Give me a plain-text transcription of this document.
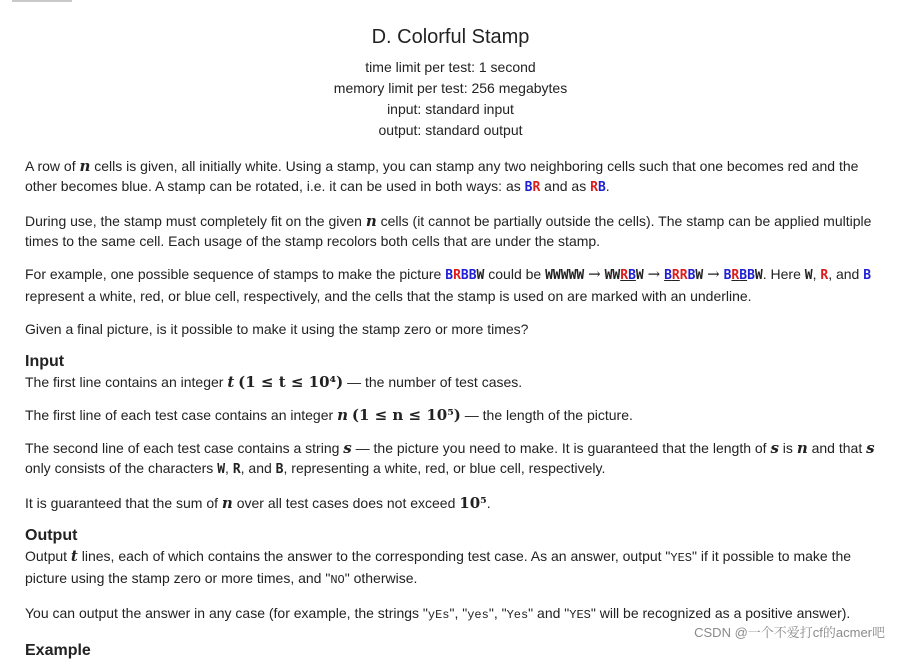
D. Colorful Stamp
time limit per test: 1 second
memory limit per test: 256 megabytes
input: standard input
output: standard output

A row of n cells is given, all initially white. Using a stamp, you can stamp any two neighboring cells such that one becomes red and the other becomes blue. A stamp can be rotated, i.e. it can be used in both ways: as BR and as RB.

During use, the stamp must completely fit on the given n cells (it cannot be partially outside the cells). The stamp can be applied multiple times to the same cell. Each usage of the stamp recolors both cells that are under the stamp.

For example, one possible sequence of stamps to make the picture BRBBW could be WWWWW → WWRBW → BRRBW → BRBBW. Here W, R, and B represent a white, red, or blue cell, respectively, and the cells that the stamp is used on are marked with an underline.

Given a final picture, is it possible to make it using the stamp zero or more times?

Input

The first line contains an integer t (1 ≤ t ≤ 10⁴) — the number of test cases.

The first line of each test case contains an integer n (1 ≤ n ≤ 10⁵) — the length of the picture.

The second line of each test case contains a string s — the picture you need to make. It is guaranteed that the length of s is n and that s only consists of the characters W, R, and B, representing a white, red, or blue cell, respectively.

It is guaranteed that the sum of n over all test cases does not exceed 10⁵.

Output

Output t lines, each of which contains the answer to the corresponding test case. As an answer, output "YES" if it possible to make the picture using the stamp zero or more times, and "NO" otherwise.

You can output the answer in any case (for example, the strings "yEs", "yes", "Yes" and "YES" will be recognized as a positive answer).

Example
CSDN @一个不爱打cf的acmer吧
